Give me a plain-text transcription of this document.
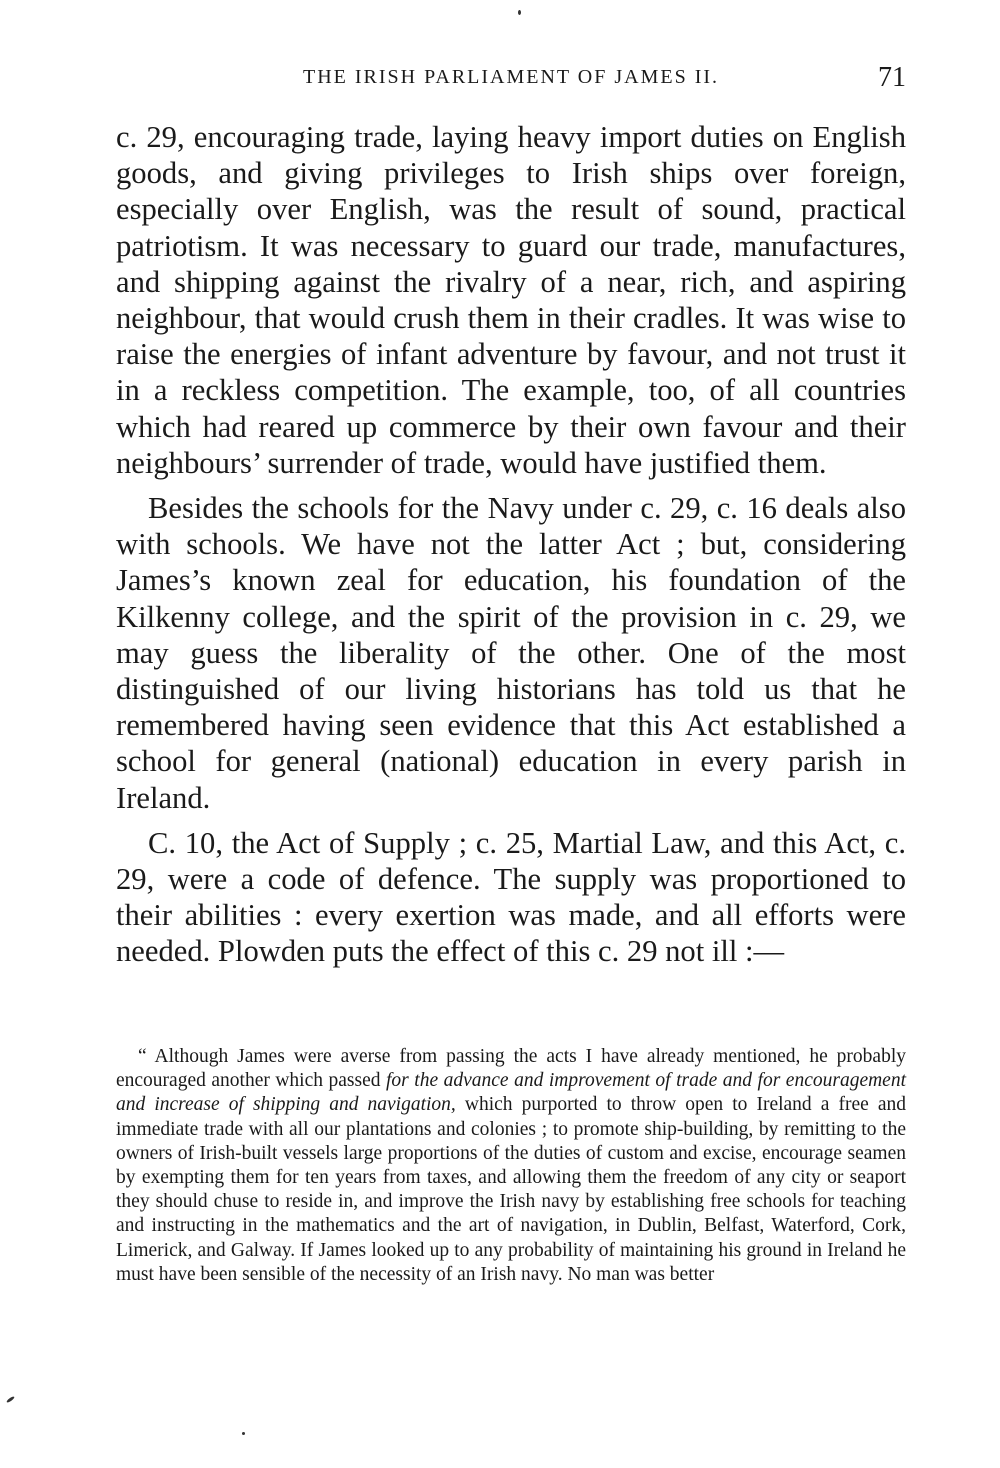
THE IRISH PARLIAMENT OF JAMES II.	71

c. 29, encouraging trade, laying heavy import duties on English goods, and giving privileges to Irish ships over foreign, especially over English, was the result of sound, practical patriotism. It was necessary to guard our trade, manufactures, and shipping against the rivalry of a near, rich, and aspiring neighbour, that would crush them in their cradles. It was wise to raise the energies of infant adventure by favour, and not trust it in a reckless competition. The example, too, of all countries which had reared up commerce by their own favour and their neighbours’ surrender of trade, would have justified them.

Besides the schools for the Navy under c. 29, c. 16 deals also with schools. We have not the latter Act ; but, considering James’s known zeal for education, his foundation of the Kilkenny college, and the spirit of the provision in c. 29, we may guess the liberality of the other. One of the most distinguished of our living historians has told us that he remembered having seen evidence that this Act established a school for general (national) education in every parish in Ireland.

C. 10, the Act of Supply ; c. 25, Martial Law, and this Act, c. 29, were a code of defence. The supply was proportioned to their abilities : every exertion was made, and all efforts were needed. Plowden puts the effect of this c. 29 not ill :—

“ Although James were averse from passing the acts I have already mentioned, he probably encouraged another which passed for the advance and improvement of trade and for encouragement and increase of shipping and navigation, which purported to throw open to Ireland a free and immediate trade with all our plantations and colonies ; to promote ship-building, by remitting to the owners of Irish-built vessels large proportions of the duties of custom and excise, encourage seamen by exempting them for ten years from taxes, and allowing them the freedom of any city or seaport they should chuse to reside in, and improve the Irish navy by establishing free schools for teaching and instructing in the mathematics and the art of navigation, in Dublin, Belfast, Waterford, Cork, Limerick, and Galway. If James looked up to any probability of maintaining his ground in Ireland he must have been sensible of the necessity of an Irish navy. No man was better
